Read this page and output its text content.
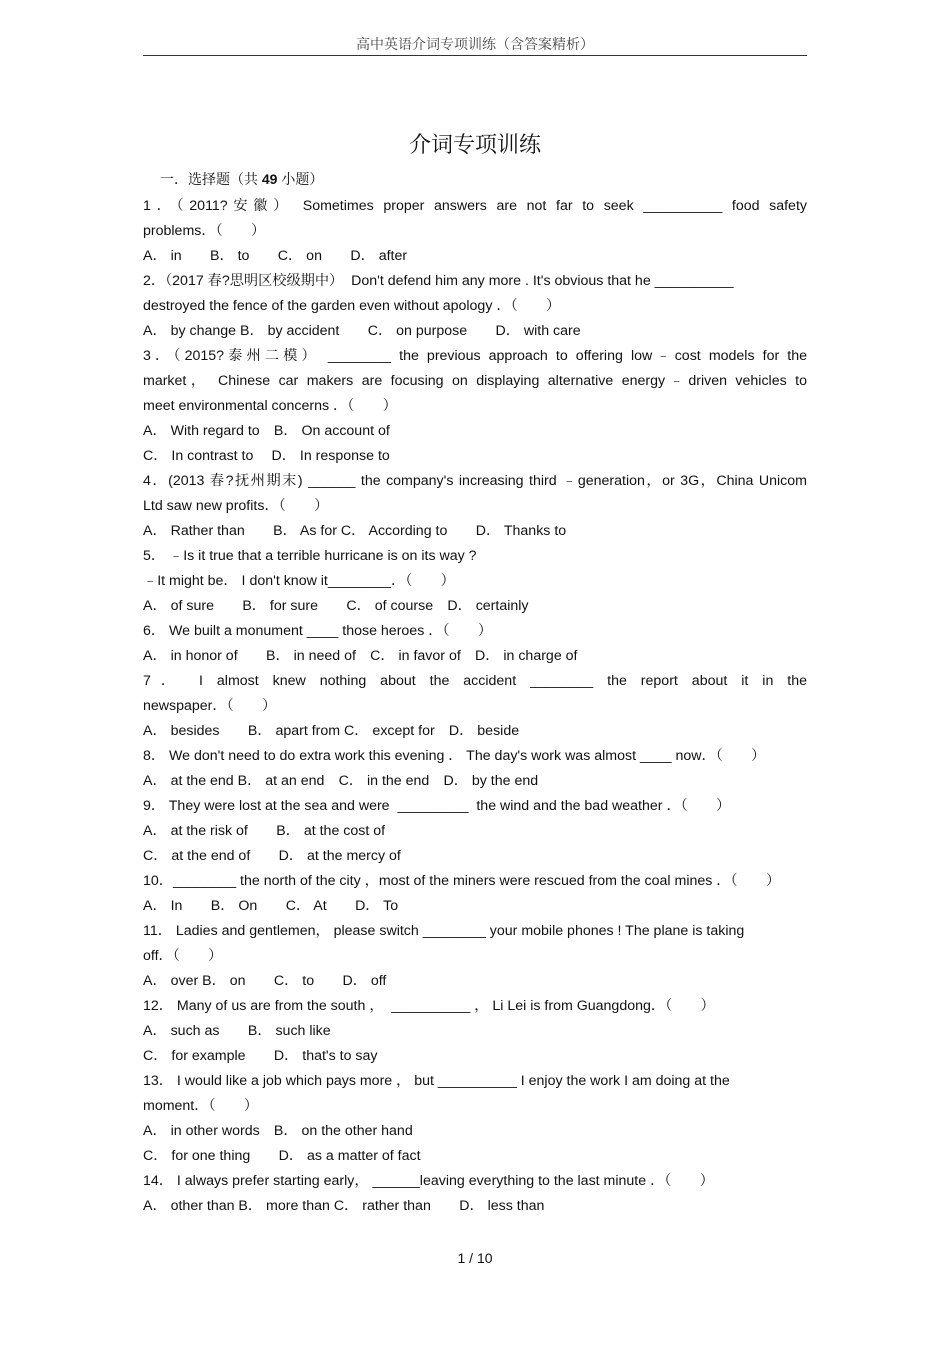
高中英语介词专项训练（含答案精析）
介词专项训练
一．选择题（共 49 小题）
1．（2011?安徽） Sometimes proper answers are not far to seek __________ food safety
problems．（　　）
A． in　　B． to　　C． on　　D． after
2．（2017 春?思明区校级期中）  Don't defend him any more . It's obvious that he __________
destroyed the fence of the garden even without apology ．（　　）
A． by change B． by accident　　C． on purpose　　D． with care
3．（2015?泰州二模） ________ the previous approach to offering low﹣cost models for the
market， Chinese car makers are focusing on displaying alternative energy﹣driven vehicles to
meet environmental concerns ．（　　）
A． With regard to　B． On account of
C． In contrast to　 D． In response to
4．(2013 春?抚州期末) ______ the company's increasing third ﹣generation，or 3G，China Unicom
Ltd saw new profits．（　　）
A． Rather than　　B． As for C． According to　　D． Thanks to
5． ﹣Is it true that a terrible hurricane is on its way ?
﹣It might be． I don't know it________．（　　）
A． of sure　　B． for sure　　C． of course　D． certainly
6． We built a monument ____ those heroes ．（　　）
A． in honor of　　B． in need of　C． in favor of　D． in charge of
7． I almost knew nothing about the accident ________ the report about it in the
newspaper．（　　）
A． besides　　B． apart from C． except for　D． beside
8． We don't need to do extra work this evening ． The day's work was almost ____ now．（　　）
A． at the end B． at an end　C． in the end　D． by the end
9． They were lost at the sea and were  _________  the wind and the bad weather ．（　　）
A． at the risk of　　B． at the cost of
C． at the end of　　D． at the mercy of
10．________ the north of the city ，most of the miners were rescued from the coal mines ．（　　）
A． In　　B． On　　C． At　　D． To
11． Ladies and gentlemen， please switch ________ your mobile phones ! The plane is taking
off．（　　）
A． over B． on　　C． to　　D． off
12． Many of us are from the south ，  __________ ， Li Lei is from Guangdong．（　　）
A． such as　　B． such like
C． for example　　D． that's to say
13． I would like a job which pays more ， but __________ I enjoy the work I am doing at the
moment．（　　）
A． in other words　B． on the other hand
C． for one thing　　D． as a matter of fact
14． I always prefer starting early， ______leaving everything to the last minute ．（　　）
A． other than B． more than C． rather than　　D． less than
1 / 10
